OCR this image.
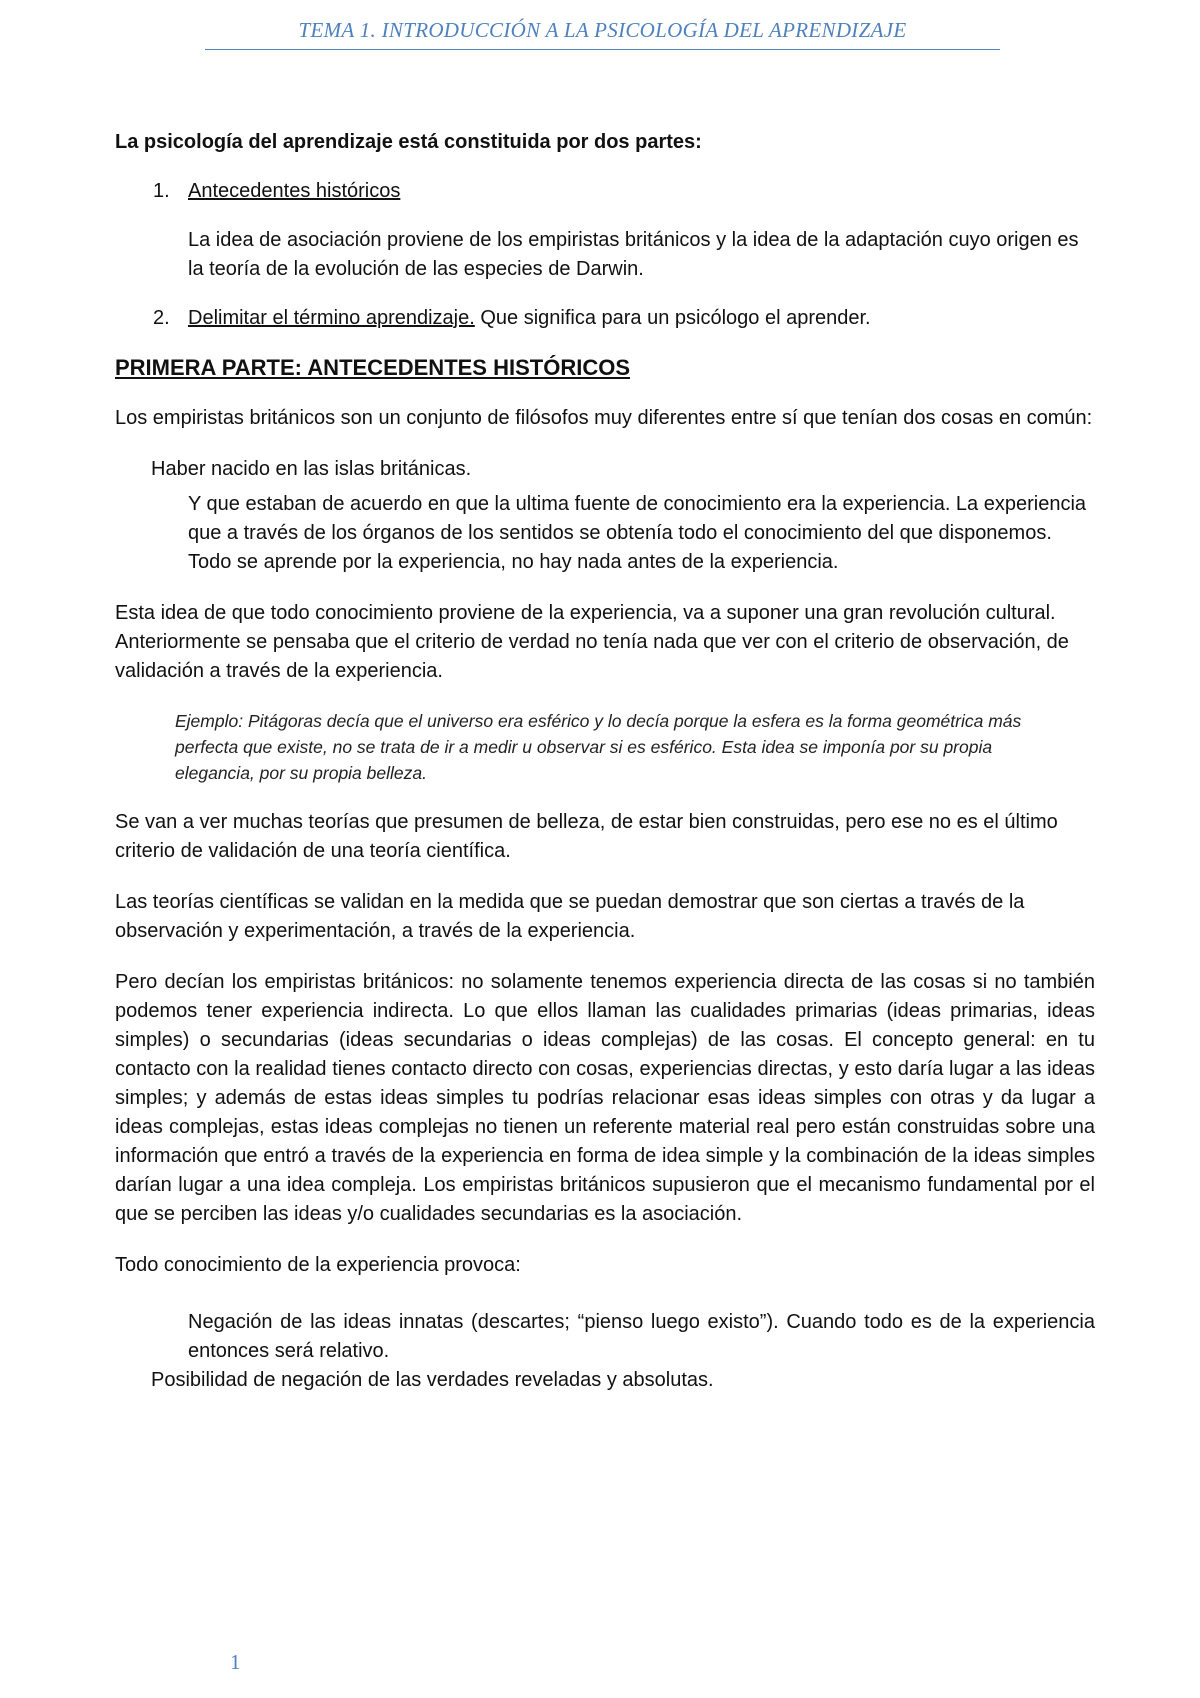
TEMA 1. INTRODUCCIÓN A LA PSICOLOGÍA DEL APRENDIZAJE

La psicología del aprendizaje está constituida por dos partes:

1. Antecedentes históricos

La idea de asociación proviene de los empiristas británicos y la idea de la adaptación cuyo origen es la teoría de la evolución de las especies de Darwin.

2. Delimitar el término aprendizaje. Que significa para un psicólogo el aprender.

PRIMERA PARTE: ANTECEDENTES HISTÓRICOS

Los empiristas británicos son un conjunto de filósofos muy diferentes entre sí que tenían dos cosas en común:

Haber nacido en las islas británicas.

Y que estaban de acuerdo en que la ultima fuente de conocimiento era la experiencia. La experiencia que a través de los órganos de los sentidos se obtenía todo el conocimiento del que disponemos. Todo se aprende por la experiencia, no hay nada antes de la experiencia.

Esta idea de que todo conocimiento proviene de la experiencia, va a suponer una gran revolución cultural. Anteriormente se pensaba que el criterio de verdad no tenía nada que ver con el criterio de observación, de validación a través de la experiencia.

Ejemplo: Pitágoras decía que el universo era esférico y lo decía porque la esfera es la forma geométrica más perfecta que existe, no se trata de ir a medir u observar si es esférico. Esta idea se imponía por su propia elegancia, por su propia belleza.

Se van a ver muchas teorías que presumen de belleza, de estar bien construidas, pero ese no es el último criterio de validación de una teoría científica.

Las teorías científicas se validan en la medida que se puedan demostrar que son ciertas a través de la observación y experimentación, a través de la experiencia.

Pero decían los empiristas británicos: no solamente tenemos experiencia directa de las cosas si no también podemos tener experiencia indirecta. Lo que ellos llaman las cualidades primarias (ideas primarias, ideas simples) o secundarias (ideas secundarias o ideas complejas) de las cosas. El concepto general: en tu contacto con la realidad tienes contacto directo con cosas, experiencias directas, y esto daría lugar a las ideas simples; y además de estas ideas simples tu podrías relacionar esas ideas simples con otras y da lugar a ideas complejas, estas ideas complejas no tienen un referente material real pero están construidas sobre una información que entró a través de la experiencia en forma de idea simple y la combinación de la ideas simples darían lugar a una idea compleja. Los empiristas británicos supusieron que el mecanismo fundamental por el que se perciben las ideas y/o cualidades secundarias es la asociación.

Todo conocimiento de la experiencia provoca:

Negación de las ideas innatas (descartes; “pienso luego existo”). Cuando todo es de la experiencia entonces será relativo.

Posibilidad de negación de las verdades reveladas y absolutas.

1
